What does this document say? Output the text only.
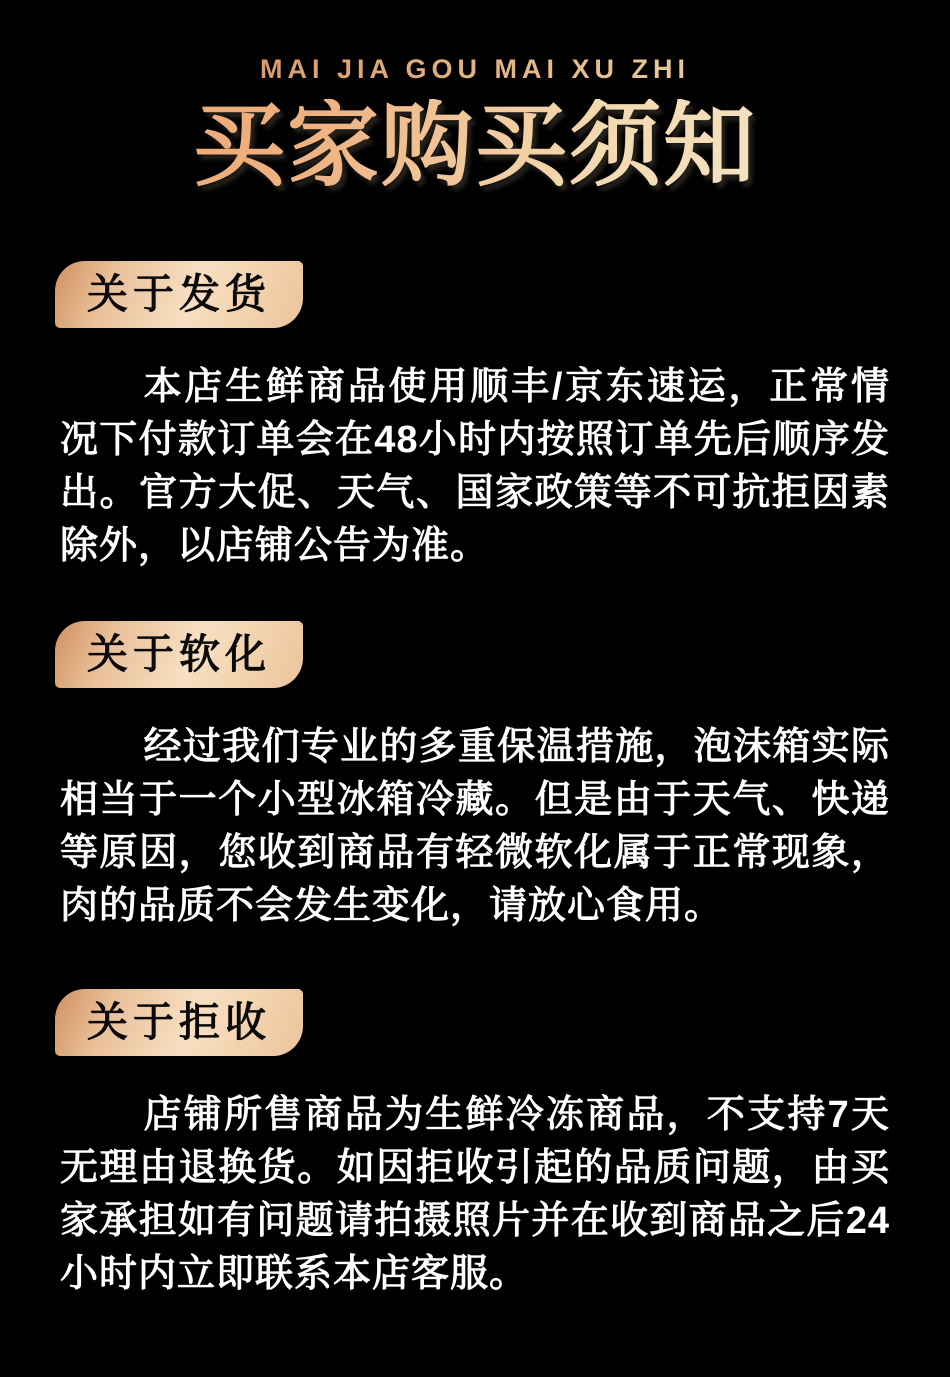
MAI JIA GOU MAI XU ZHI
买家购买须知
关于发货

本店生鲜商品使用顺丰/京东速运，正常情况下付款订单会在48小时内按照订单先后顺序发出。官方大促、天气、国家政策等不可抗拒因素除外，以店铺公告为准。

关于软化

经过我们专业的多重保温措施，泡沫箱实际相当于一个小型冰箱冷藏。但是由于天气、快递等原因，您收到商品有轻微软化属于正常现象，肉的品质不会发生变化，请放心食用。

关于拒收

店铺所售商品为生鲜冷冻商品，不支持7天无理由退换货。如因拒收引起的品质问题，由买家承担如有问题请拍摄照片并在收到商品之后24小时内立即联系本店客服。
